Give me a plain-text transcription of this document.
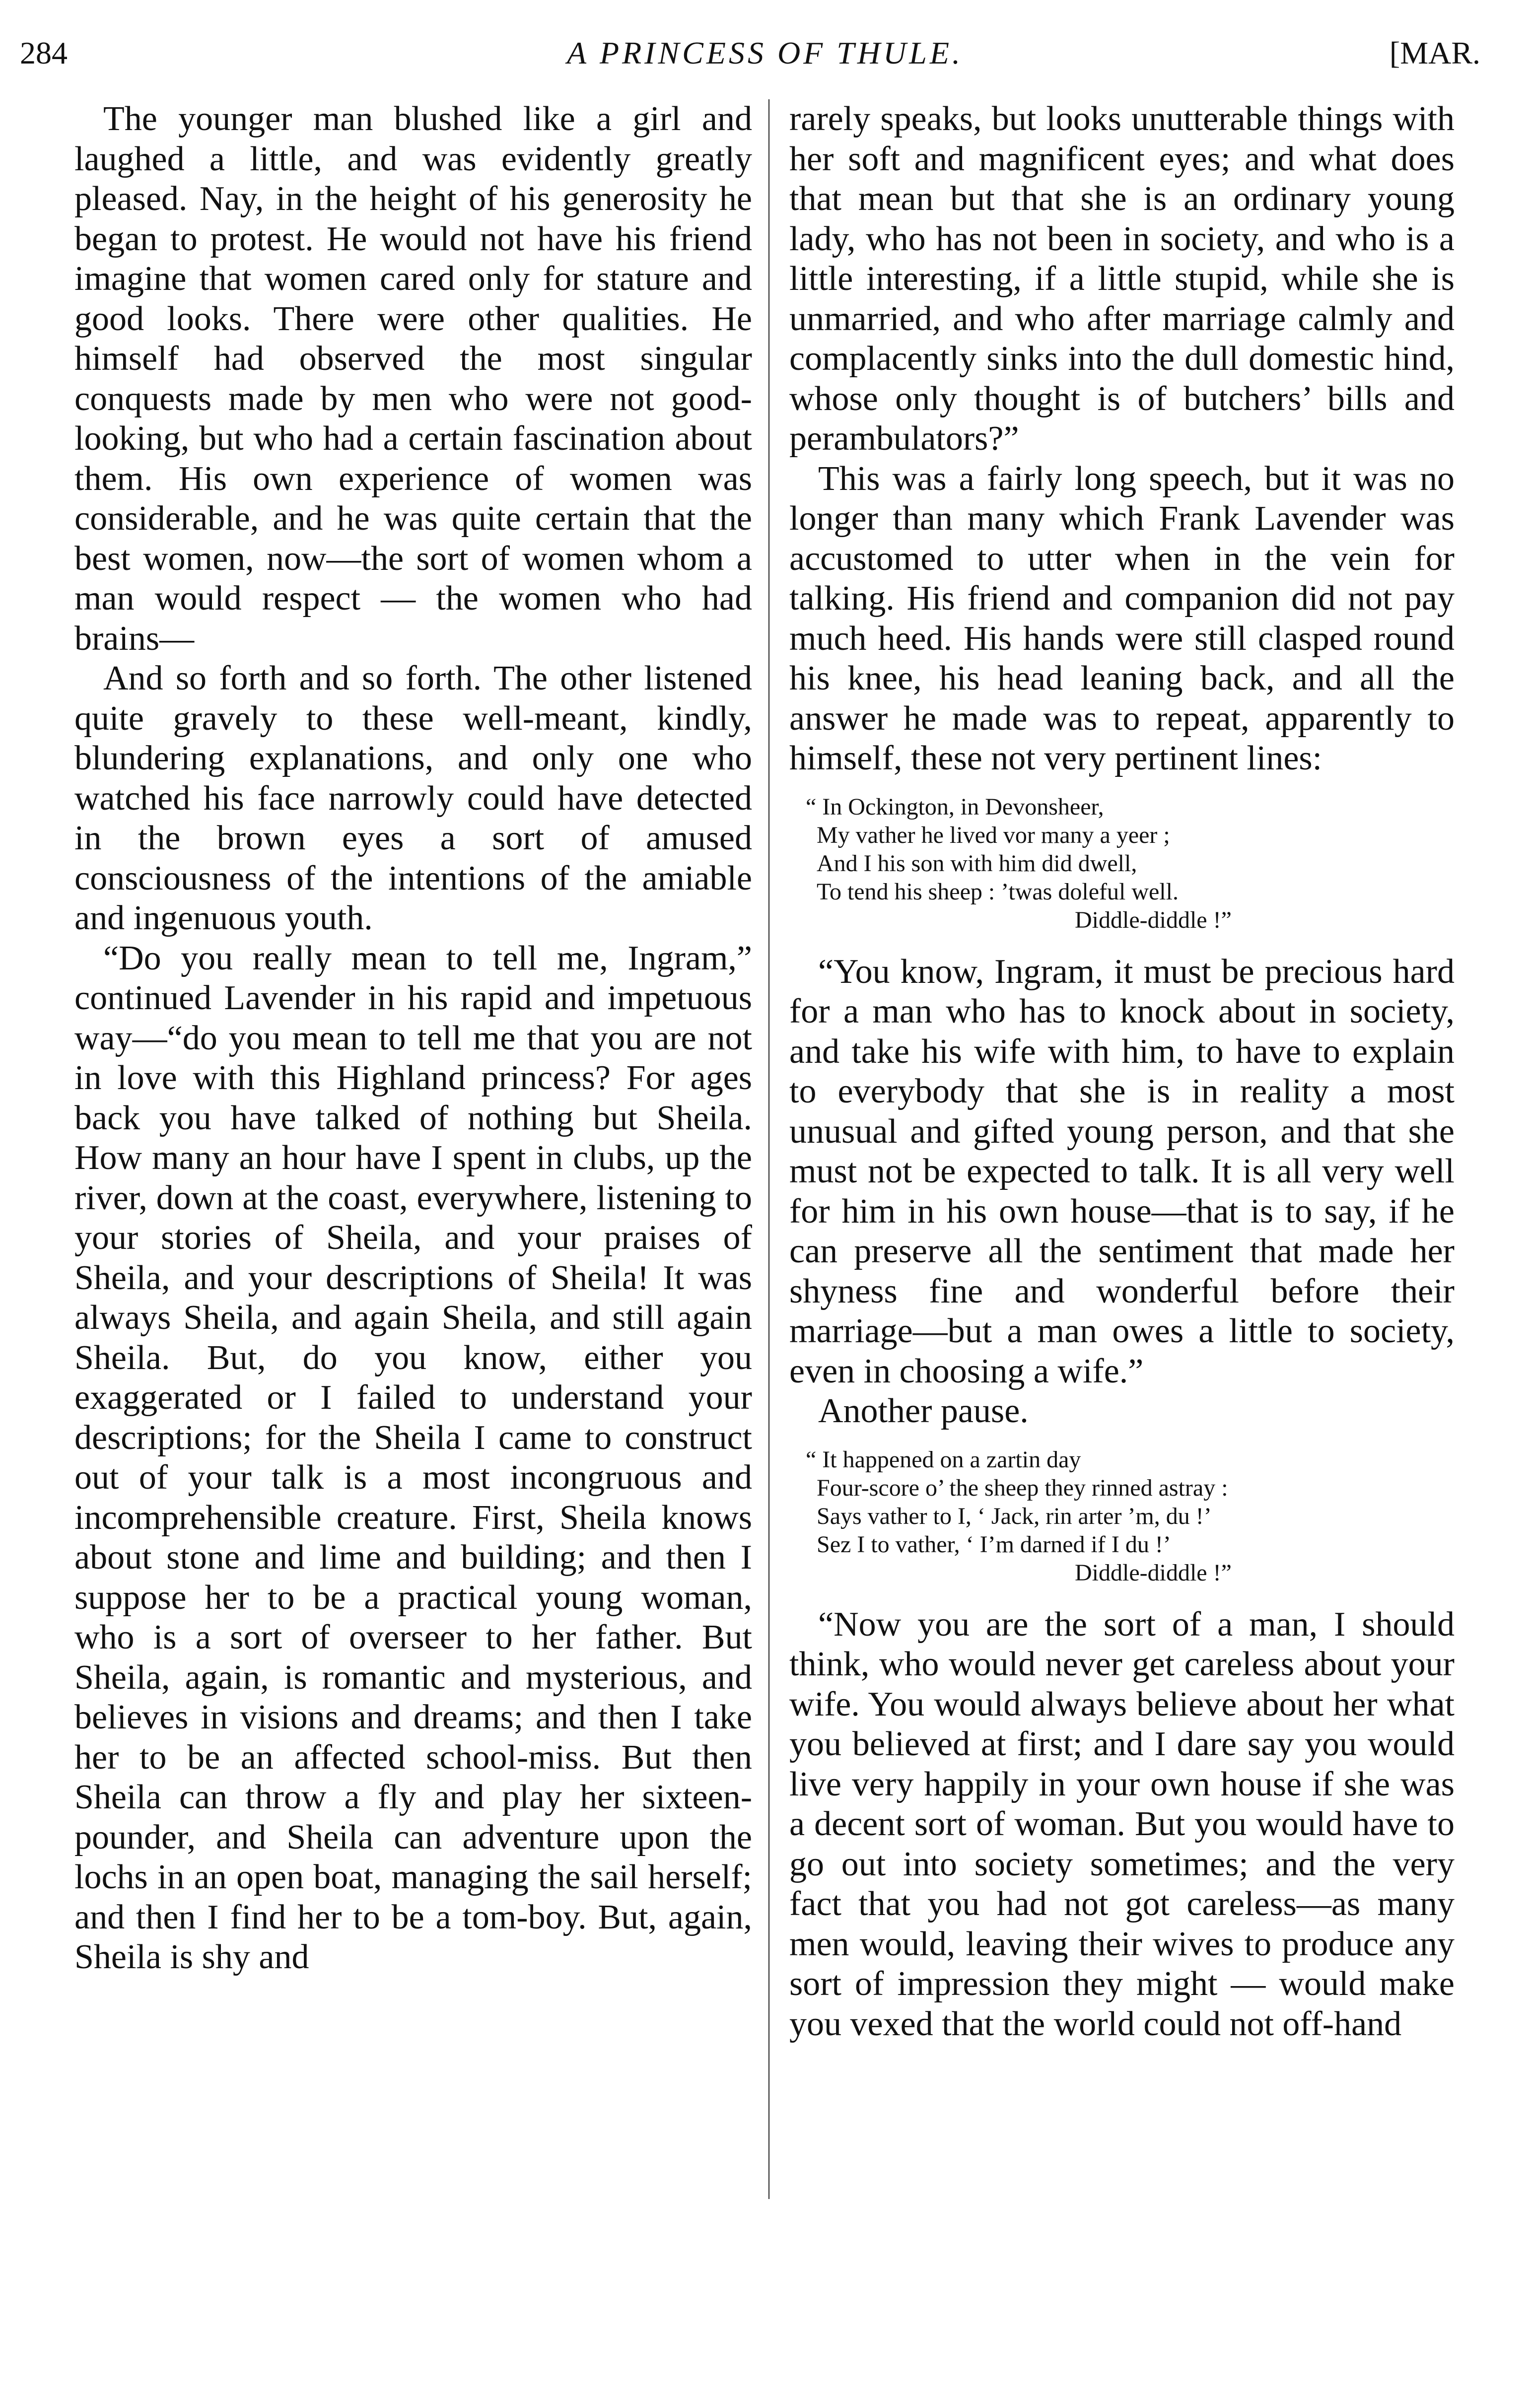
284	A PRINCESS OF THULE.	[MAR.

The younger man blushed like a girl and laughed a little, and was evidently greatly pleased. Nay, in the height of his generosity he began to protest. He would not have his friend imagine that women cared only for stature and good looks. There were other qualities. He himself had observed the most singular conquests made by men who were not good-looking, but who had a certain fascination about them. His own experience of women was considerable, and he was quite certain that the best women, now—the sort of women whom a man would respect — the women who had brains—

And so forth and so forth. The other listened quite gravely to these well-meant, kindly, blundering explanations, and only one who watched his face narrowly could have detected in the brown eyes a sort of amused consciousness of the intentions of the amiable and ingenuous youth.

“Do you really mean to tell me, Ingram,” continued Lavender in his rapid and impetuous way—“do you mean to tell me that you are not in love with this Highland princess? For ages back you have talked of nothing but Sheila. How many an hour have I spent in clubs, up the river, down at the coast, everywhere, listening to your stories of Sheila, and your praises of Sheila, and your descriptions of Sheila! It was always Sheila, and again Sheila, and still again Sheila. But, do you know, either you exaggerated or I failed to understand your descriptions; for the Sheila I came to construct out of your talk is a most incongruous and incomprehensible creature. First, Sheila knows about stone and lime and building; and then I suppose her to be a practical young woman, who is a sort of overseer to her father. But Sheila, again, is romantic and mysterious, and believes in visions and dreams; and then I take her to be an affected school-miss. But then Sheila can throw a fly and play her sixteen-pounder, and Sheila can adventure upon the lochs in an open boat, managing the sail herself; and then I find her to be a tom-boy. But, again, Sheila is shy and

rarely speaks, but looks unutterable things with her soft and magnificent eyes; and what does that mean but that she is an ordinary young lady, who has not been in society, and who is a little interesting, if a little stupid, while she is unmarried, and who after marriage calmly and complacently sinks into the dull domestic hind, whose only thought is of butchers’ bills and perambulators?”

This was a fairly long speech, but it was no longer than many which Frank Lavender was accustomed to utter when in the vein for talking. His friend and companion did not pay much heed. His hands were still clasped round his knee, his head leaning back, and all the answer he made was to repeat, apparently to himself, these not very pertinent lines:

“ In Ockington, in Devonsheer,
My vather he lived vor many a yeer ;
And I his son with him did dwell,
To tend his sheep : ’twas doleful well.
Diddle-diddle !”

“You know, Ingram, it must be precious hard for a man who has to knock about in society, and take his wife with him, to have to explain to everybody that she is in reality a most unusual and gifted young person, and that she must not be expected to talk. It is all very well for him in his own house—that is to say, if he can preserve all the sentiment that made her shyness fine and wonderful before their marriage—but a man owes a little to society, even in choosing a wife.”

Another pause.

“ It happened on a zartin day
Four-score o’ the sheep they rinned astray :
Says vather to I, ‘ Jack, rin arter ’m, du !’
Sez I to vather, ‘ I’m darned if I du !’
Diddle-diddle !”

“Now you are the sort of a man, I should think, who would never get careless about your wife. You would always believe about her what you believed at first; and I dare say you would live very happily in your own house if she was a decent sort of woman. But you would have to go out into society sometimes; and the very fact that you had not got careless—as many men would, leaving their wives to produce any sort of impression they might — would make you vexed that the world could not off-hand
